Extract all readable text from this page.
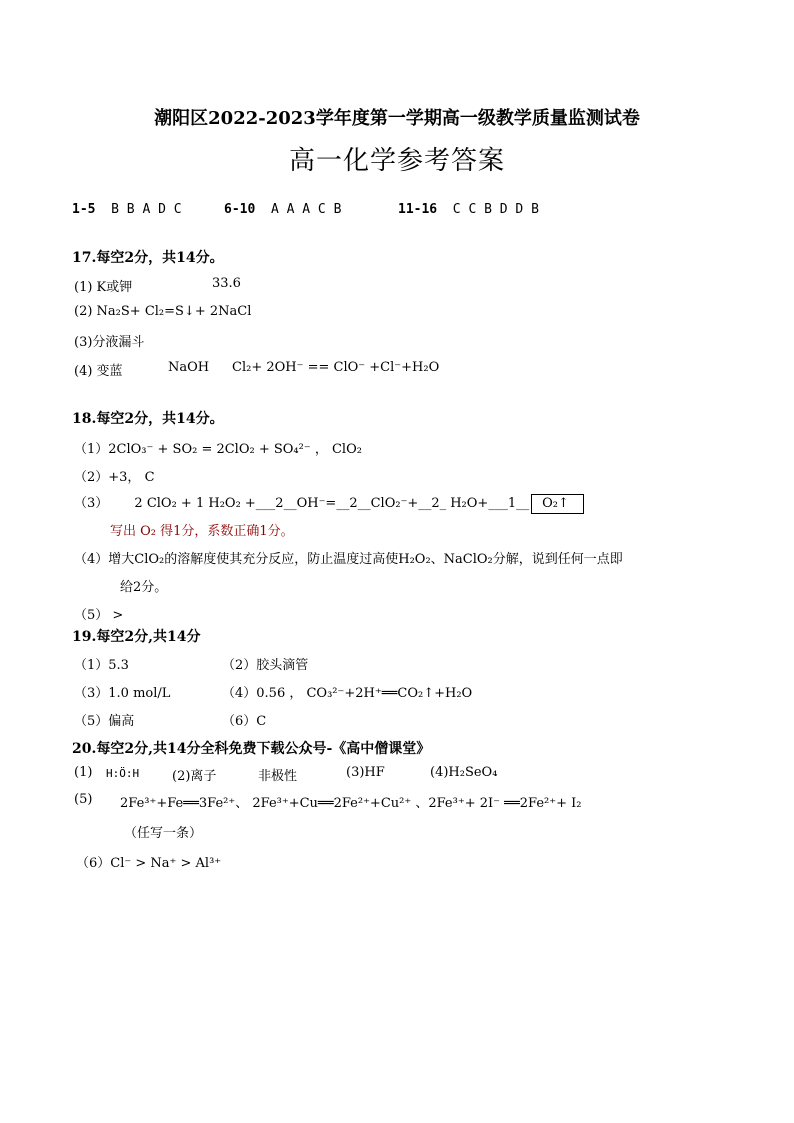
潮阳区2022-2023学年度第一学期高一级教学质量监测试卷
高一化学参考答案
1-5 B B A D C	6-10 A A A C B	11-16 C C B D D B
17.每空2分，共14分。
(1) K或钾	33.6
(2) Na₂S+ Cl₂=S↓+ 2NaCl
(3)分液漏斗
(4) 变蓝	NaOH Cl₂+ 2OH⁻ == ClO⁻ +Cl⁻+H₂O
18.每空2分，共14分。
（1）2ClO₃⁻ + SO₂ = 2ClO₂ + SO₄²⁻ ， ClO₂
（2）+3， C
（3） 2 ClO₂ + 1 H₂O₂ +___2__OH⁻=__2__ClO₂⁻+__2_ H₂O+___1__ O₂↑
写出 O₂ 得1分，系数正确1分。
（4）增大ClO₂的溶解度使其充分反应，防止温度过高使H₂O₂、NaClO₂分解，说到任何一点即
给2分。
（5） >
19.每空2分,共14分
（1）5.3	（2）胶头滴管
（3）1.0 mol/L	（4）0.56 ， CO₃²⁻+2H⁺══CO₂↑+H₂O
（5）偏高	（6）C
20.每空2分,共14分全科免费下载公众号-《高中僧课堂》
(1) H:Ö:H	(2)离子	非极性	(3)HF	(4)H₂SeO₄
(5) 2Fe³⁺+Fe══3Fe²⁺、 2Fe³⁺+Cu══2Fe²⁺+Cu²⁺ 、2Fe³⁺+ 2I⁻ ══2Fe²⁺+ I₂
（任写一条）
（6）Cl⁻ > Na⁺ > Al³⁺
